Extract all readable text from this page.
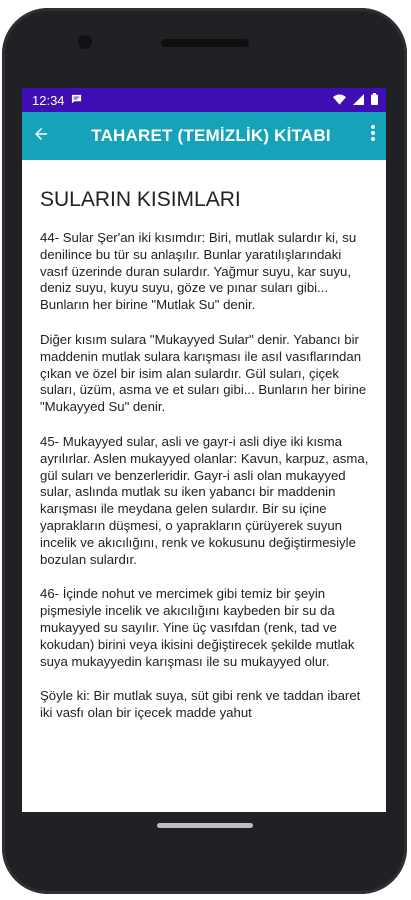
12:34

TAHARET (TEMİZLİK) KİTABI
SULARIN KISIMLARI

44- Sular Şer'an iki kısımdır: Biri, mutlak sulardır ki, su denilince bu tür su anlaşılır. Bunlar yaratılışlarındaki vasıf üzerinde duran sulardır. Yağmur suyu, kar suyu, deniz suyu, kuyu suyu, göze ve pınar suları gibi... Bunların her birine "Mutlak Su" denir.

Diğer kısım sulara "Mukayyed Sular" denir. Yabancı bir maddenin mutlak sulara karışması ile asıl vasıflarından çıkan ve özel bir isim alan sulardır. Gül suları, çiçek suları, üzüm, asma ve et suları gibi... Bunların her birine "Mukayyed Su" denir.

45- Mukayyed sular, asli ve gayr-i asli diye iki kısma ayrılırlar. Aslen mukayyed olanlar: Kavun, karpuz, asma, gül suları ve benzerleridir. Gayr-i asli olan mukayyed sular, aslında mutlak su iken yabancı bir maddenin karışması ile meydana gelen sulardır. Bir su içine yaprakların düşmesi, o yaprakların çürüyerek suyun incelik ve akıcılığını, renk ve kokusunu değiştirmesiyle bozulan sulardır.

46- İçinde nohut ve mercimek gibi temiz bir şeyin pişmesiyle incelik ve akıcılığını kaybeden bir su da mukayyed su sayılır. Yine üç vasıfdan (renk, tad ve kokudan) birini veya ikisini değiştirecek şekilde mutlak suya mukayyedin karışması ile su mukayyed olur.

Şöyle ki: Bir mutlak suya, süt gibi renk ve taddan ibaret iki vasfı olan bir içecek madde yahut
